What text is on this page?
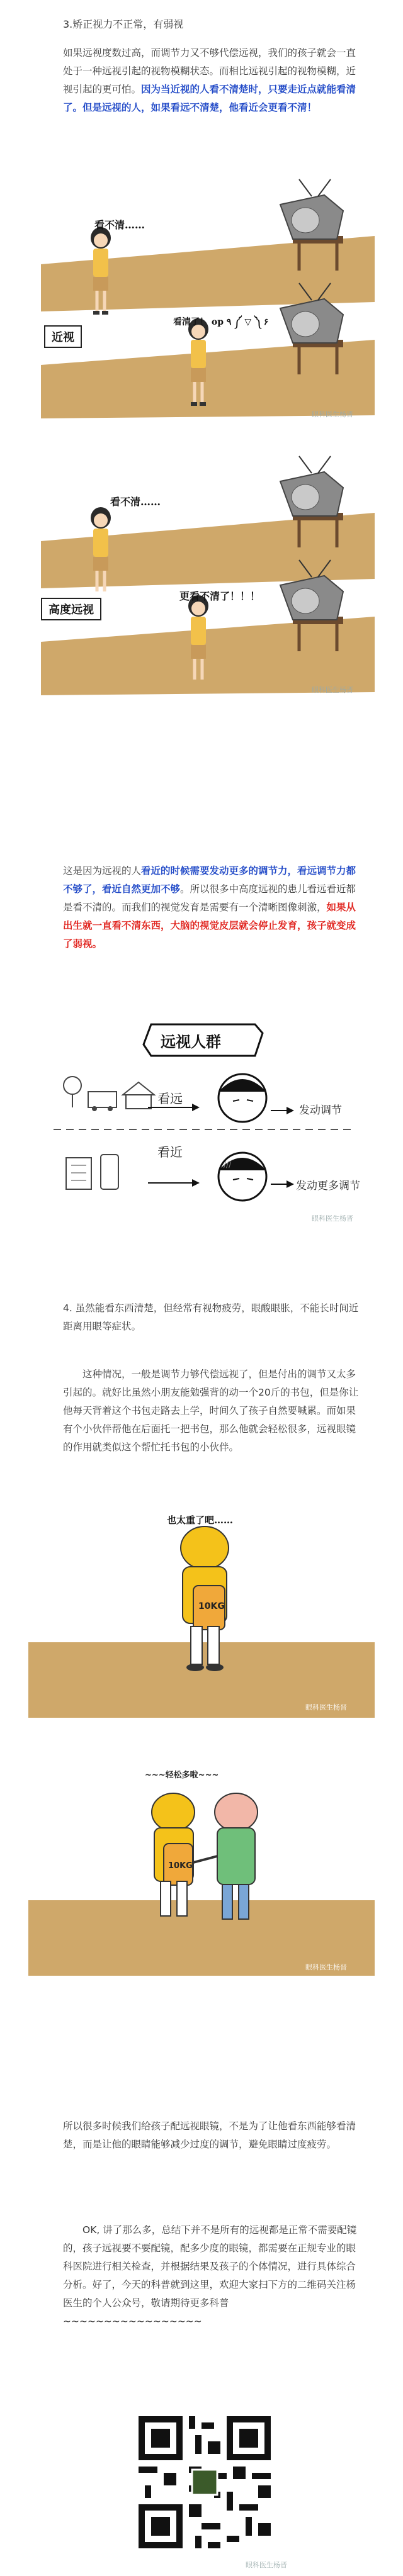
3.矫正视力不正常，有弱视

如果远视度数过高，而调节力又不够代偿远视，我们的孩子就会一直处于一种远视引起的视物模糊状态。而相比远视引起的视物模糊，近视引起的更可怕。因为当近视的人看不清楚时，只要走近点就能看清了。但是远视的人，如果看远不清楚，他看近会更看不清！

看不清……
看清了！ op ٩ ༼ ▽ ༽ ۶
近视
眼科医生杨晋
看不清……
更看不清了！！！
高度远视
眼科医生杨晋

这是因为远视的人看近的时候需要发动更多的调节力，看远调节力都不够了，看近自然更加不够。所以很多中高度远视的患儿看远看近都是看不清的。而我们的视觉发育是需要有一个清晰图像刺激，如果从出生就一直看不清东西，大脑的视觉皮层就会停止发育，孩子就变成了弱视。

///
远视人群
看远
发动调节
看近
发动更多调节
眼科医生杨晋

4. 虽然能看东西清楚，但经常有视物疲劳，眼酸眼胀，不能长时间近距离用眼等症状。

这种情况，一般是调节力够代偿远视了，但是付出的调节又太多引起的。就好比虽然小朋友能勉强背的动一个20斤的书包，但是你让他每天背着这个书包走路去上学，时间久了孩子自然要喊累。而如果有个小伙伴帮他在后面托一把书包，那么他就会轻松很多，远视眼镜的作用就类似这个帮忙托书包的小伙伴。

也太重了吧……
10KG
眼科医生杨晋
~~~轻松多啦~~~
10KG
眼科医生杨晋

所以很多时候我们给孩子配远视眼镜，不是为了让他看东西能够看清楚，而是让他的眼睛能够减少过度的调节，避免眼睛过度疲劳。

OK, 讲了那么多，总结下并不是所有的远视都是正常不需要配镜的，孩子远视要不要配镜，配多少度的眼镜，都需要在正规专业的眼科医院进行相关检查，并根据结果及孩子的个体情况，进行具体综合分析。好了，今天的科普就到这里，欢迎大家扫下方的二维码关注杨医生的个人公众号，敬请期待更多科普~~~~~~~~~~~~~~~~~

眼科医生杨晋
